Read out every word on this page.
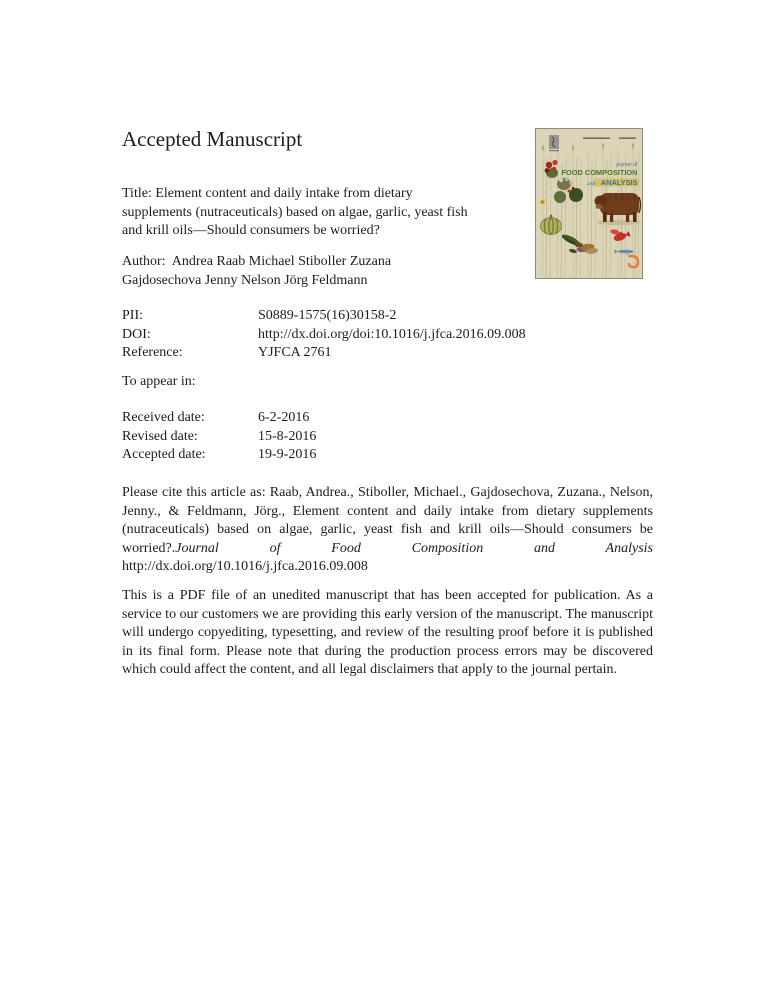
Accepted Manuscript
journal of
FOOD COMPOSITION
and ANALYSIS
Title: Element content and daily intake from dietary
supplements (nutraceuticals) based on algae, garlic, yeast fish
and krill oils—Should consumers be worried?
Author:  Andrea Raab Michael Stiboller Zuzana
Gajdosechova Jenny Nelson Jörg Feldmann
PII:	S0889-1575(16)30158-2
DOI:	http://dx.doi.org/doi:10.1016/j.jfca.2016.09.008
Reference:	YJFCA 2761
To appear in:
Received date:	6-2-2016
Revised date:	15-8-2016
Accepted date:	19-9-2016

Please cite this article as: Raab, Andrea., Stiboller, Michael., Gajdosechova, Zuzana., Nelson, Jenny., & Feldmann, Jörg., Element content and daily intake from dietary supplements (nutraceuticals) based on algae, garlic, yeast fish and krill oils—Should consumers be worried?.Journal of Food Composition and Analysis http://dx.doi.org/10.1016/j.jfca.2016.09.008

This is a PDF file of an unedited manuscript that has been accepted for publication. As a service to our customers we are providing this early version of the manuscript. The manuscript will undergo copyediting, typesetting, and review of the resulting proof before it is published in its final form. Please note that during the production process errors may be discovered which could affect the content, and all legal disclaimers that apply to the journal pertain.
